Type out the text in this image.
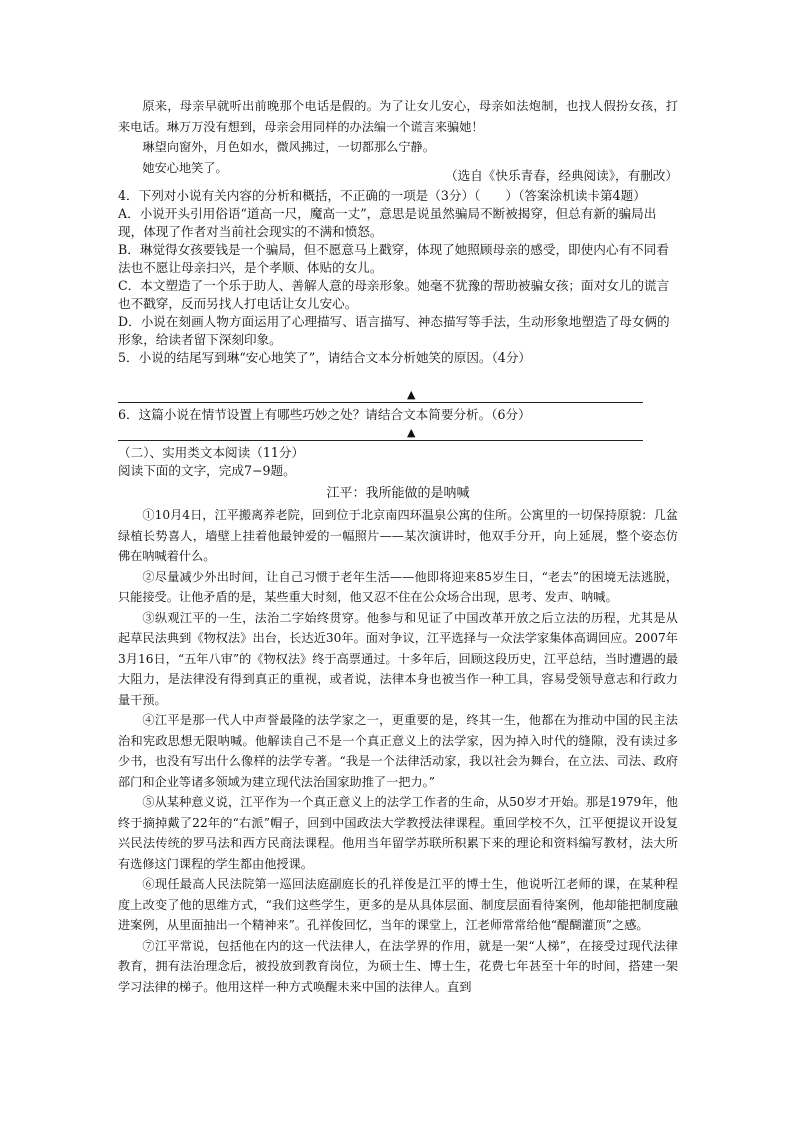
原来，母亲早就听出前晚那个电话是假的。为了让女儿安心，母亲如法炮制，也找人假扮女孩，打来电话。琳万万没有想到，母亲会用同样的办法编一个谎言来骗她！

琳望向窗外，月色如水，微风拂过，一切都那么宁静。

她安心地笑了。

（选自《快乐青春，经典阅读》，有删改）

4．下列对小说有关内容的分析和概括，不正确的一项是（3分）（　　）（答案涂机读卡第4题）

A．小说开头引用俗语“道高一尺，魔高一丈”，意思是说虽然骗局不断被揭穿，但总有新的骗局出现，体现了作者对当前社会现实的不满和愤怒。

B．琳觉得女孩要钱是一个骗局，但不愿意马上戳穿，体现了她照顾母亲的感受，即使内心有不同看法也不愿让母亲扫兴，是个孝顺、体贴的女儿。

C．本文塑造了一个乐于助人、善解人意的母亲形象。她毫不犹豫的帮助被骗女孩；面对女儿的谎言也不戳穿，反而另找人打电话让女儿安心。

D．小说在刻画人物方面运用了心理描写、语言描写、神态描写等手法，生动形象地塑造了母女俩的形象，给读者留下深刻印象。

5．小说的结尾写到琳“安心地笑了”，请结合文本分析她笑的原因。（4分）

▲

6．这篇小说在情节设置上有哪些巧妙之处？请结合文本简要分析。（6分）

▲

（二）、实用类文本阅读（11分）

阅读下面的文字，完成7−9题。

江平：我所能做的是呐喊

①10月4日，江平搬离养老院，回到位于北京南四环温泉公寓的住所。公寓里的一切保持原貌：几盆绿植长势喜人，墙壁上挂着他最钟爱的一幅照片——某次演讲时，他双手分开，向上延展，整个姿态仿佛在呐喊着什么。

②尽量减少外出时间，让自己习惯于老年生活——他即将迎来85岁生日，“老去”的困境无法逃脱，只能接受。让他矛盾的是，某些重大时刻，他又忍不住在公众场合出现，思考、发声、呐喊。

③纵观江平的一生，法治二字始终贯穿。他参与和见证了中国改革开放之后立法的历程，尤其是从起草民法典到《物权法》出台，长达近30年。面对争议，江平选择与一众法学家集体高调回应。2007年3月16日，“五年八审”的《物权法》终于高票通过。十多年后，回顾这段历史，江平总结，当时遭遇的最大阻力，是法律没有得到真正的重视，或者说，法律本身也被当作一种工具，容易受领导意志和行政力量干预。

④江平是那一代人中声誉最隆的法学家之一，更重要的是，终其一生，他都在为推动中国的民主法治和宪政思想无限呐喊。他解读自己不是一个真正意义上的法学家，因为掉入时代的缝隙，没有读过多少书，也没有写出什么像样的法学专著。“我是一个法律活动家，我以社会为舞台，在立法、司法、政府部门和企业等诸多领域为建立现代法治国家助推了一把力。”

⑤从某种意义说，江平作为一个真正意义上的法学工作者的生命，从50岁才开始。那是1979年，他终于摘掉戴了22年的“右派”帽子，回到中国政法大学教授法律课程。重回学校不久，江平便提议开设复兴民法传统的罗马法和西方民商法课程。他用当年留学苏联所积累下来的理论和资料编写教材，法大所有选修这门课程的学生都由他授课。

⑥现任最高人民法院第一巡回法庭副庭长的孔祥俊是江平的博士生，他说听江老师的课，在某种程度上改变了他的思维方式，“我们这些学生，更多的是从具体层面、制度层面看待案例，他却能把制度融进案例，从里面抽出一个精神来”。孔祥俊回忆，当年的课堂上，江老师常常给他“醍醐灌顶”之感。

⑦江平常说，包括他在内的这一代法律人，在法学界的作用，就是一架“人梯”，在接受过现代法律教育，拥有法治理念后，被投放到教育岗位，为硕士生、博士生，花费七年甚至十年的时间，搭建一架学习法律的梯子。他用这样一种方式唤醒未来中国的法律人。直到
